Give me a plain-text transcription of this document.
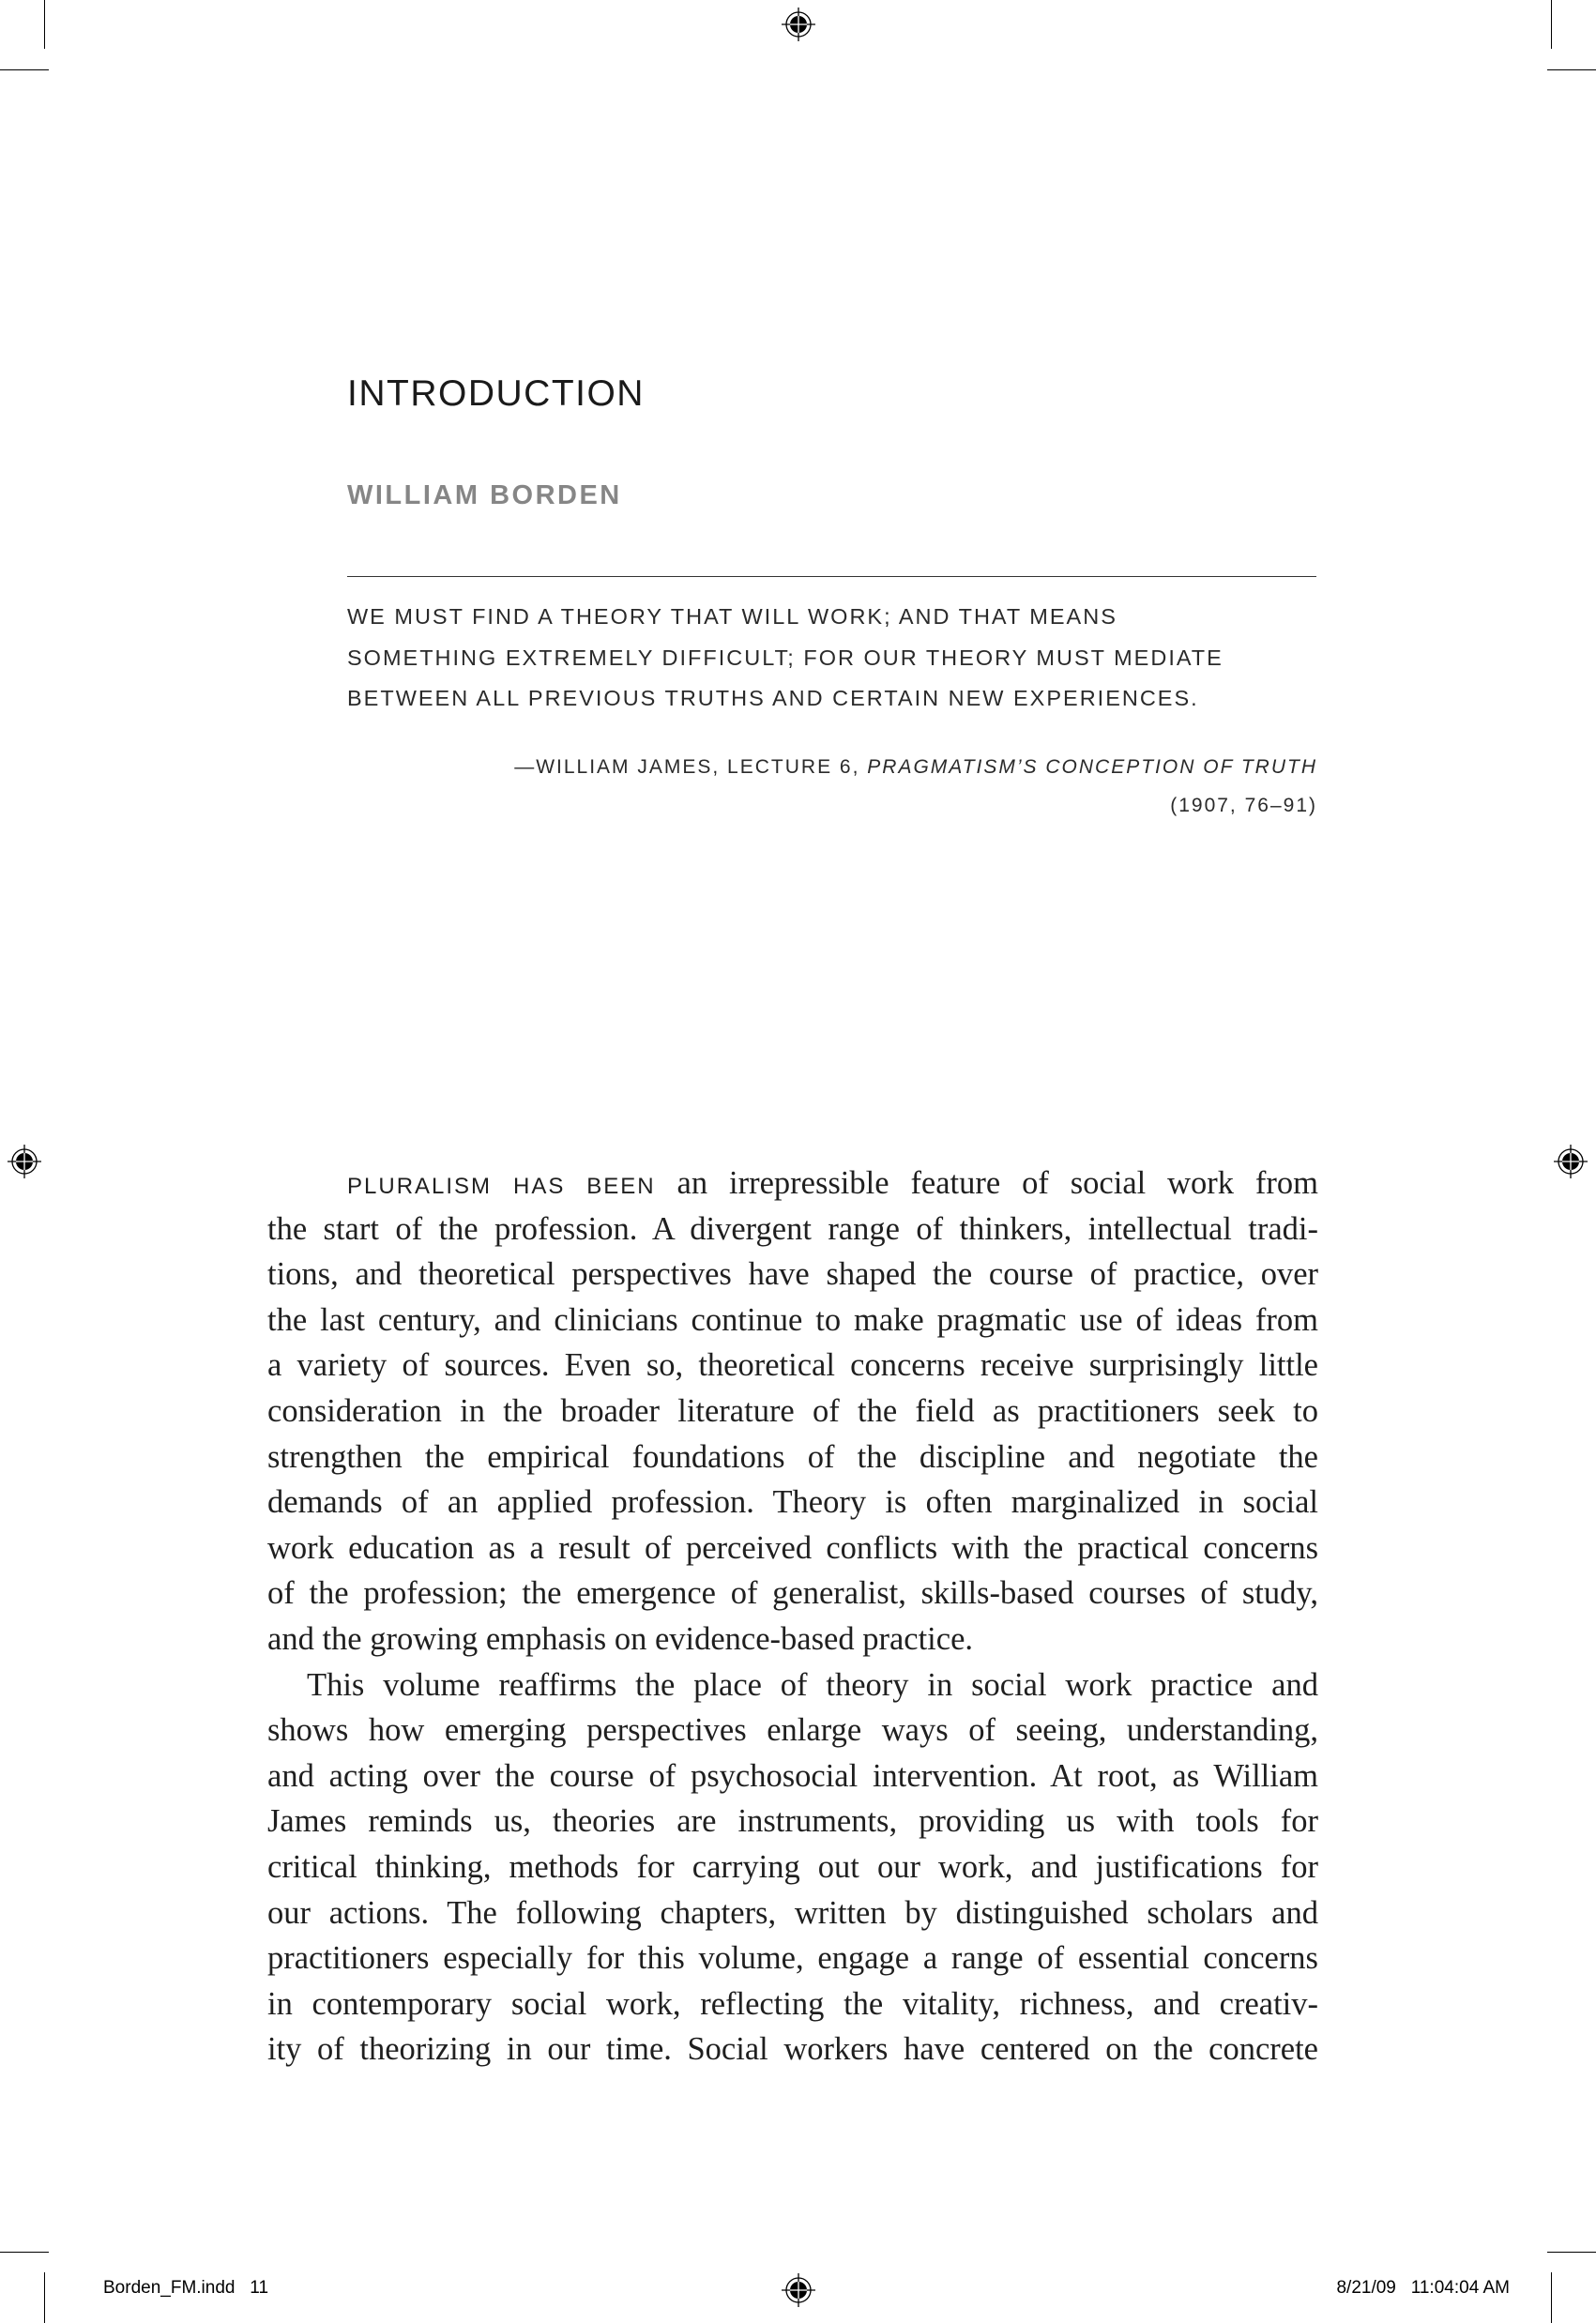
INTRODUCTION
WILLIAM BORDEN
WE MUST FIND A THEORY THAT WILL WORK; AND THAT MEANS
SOMETHING EXTREMELY DIFFICULT; FOR OUR THEORY MUST MEDIATE
BETWEEN ALL PREVIOUS TRUTHS AND CERTAIN NEW EXPERIENCES.
—WILLIAM JAMES, LECTURE 6, PRAGMATISM’S CONCEPTION OF TRUTH
(1907, 76–91)
PLURALISM HAS BEEN an irrepressible feature of social work from
the start of the profession. A divergent range of thinkers, intellectual tradi-
tions, and theoretical perspectives have shaped the course of practice, over
the last century, and clinicians continue to make pragmatic use of ideas from
a variety of sources. Even so, theoretical concerns receive surprisingly little
consideration in the broader literature of the field as practitioners seek to
strengthen the empirical foundations of the discipline and negotiate the
demands of an applied profession. Theory is often marginalized in social
work education as a result of perceived conflicts with the practical concerns
of the profession; the emergence of generalist, skills-based courses of study,
and the growing emphasis on evidence-based practice.
This volume reaffirms the place of theory in social work practice and
shows how emerging perspectives enlarge ways of seeing, understanding,
and acting over the course of psychosocial intervention. At root, as William
James reminds us, theories are instruments, providing us with tools for
critical thinking, methods for carrying out our work, and justifications for
our actions. The following chapters, written by distinguished scholars and
practitioners especially for this volume, engage a range of essential concerns
in contemporary social work, reflecting the vitality, richness, and creativ-
ity of theorizing in our time. Social workers have centered on the concrete
Borden_FM.indd   11	8/21/09   11:04:04 AM
